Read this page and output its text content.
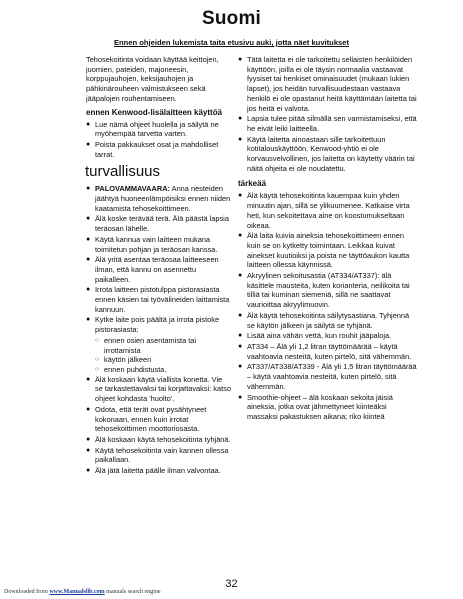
Suomi
Ennen ohjeiden lukemista taita etusivu auki, jotta näet kuvitukset

Tehosekoitinta voidaan käyttää keittojen, juomien, pateiden, majoneesin, korppujauhojen, keksijauhojen ja pähkinärouheen valmistukseen sekä jääpalojen rouhentamiseen.

ennen Kenwood-lisälaitteen käyttöä
● Lue nämä ohjeet huolella ja säilytä ne myöhempää tarvetta varten.
● Poista pakkaukset osat ja mahdolliset tarrat.
turvallisuus
● PALOVAMMAVAARA: Anna nesteiden jäähtyä huoneenlämpöisiksi ennen niiden kaatamista tehosekoittimeen.
● Älä koske terävää terä. Älä päästä lapsia teräosan lähelle.
● Käytä kannua vain laitteen mukana toimitetun pohjan ja teräosan kanssa.
● Älä yritä asentaa teräosaa laitteeseen ilman, että kannu on asennettu paikalleen.
● Irrota laitteen pistotulppa pistorasiasta ennen käsien tai työvälineiden laittamista kannuun.
● Kytke laite pois päältä ja irrota pistoke pistorasiasta:
○ ennen osien asentamista tai irrottamista
○ käytön jälkeen
○ ennen puhdistusta.
● Älä koskaan käytä viallista konetta. Vie se tarkastettavaksi tai korjattavaksi: katso ohjeet kohdasta 'huolto'.
● Odota, että terät ovat pysähtyneet kokonaan, ennen kuin irrotat tehosekoittimen moottoriosasta.
● Älä koskaan käytä tehosekoitinta tyhjänä.
● Käytä tehosekoitinta vain kannen ollessa paikallaan.
● Älä jätä laitetta päälle ilman valvontaa.
● Tätä laitetta ei ole tarkoitettu sellaisten henkilöiden käyttöön, joilla ei ole täysin normaalia vastaavat fyysiset tai henkiset ominaisuudet (mukaan lukien lapset), jos heidän turvallisuudestaan vastaava henkilö ei ole opastanut heitä käyttämään laitetta tai jos heitä ei valvota.
● Lapsia tulee pitää silmällä sen varmistamiseksi, että he eivät leiki laitteella.
● Käytä laitetta ainoastaan sille tarkoitettuun kotitalouskäyttöön. Kenwood-yhtiö ei ole korvausvelvollinen, jos laitetta on käytetty väärin tai näitä ohjeita ei ole noudatettu.
tärkeää
● Älä käytä tehosekoitinta kauempaa kuin yhden minuutin ajan, sillä se ylikuumenee. Katkaise virta heti, kun sekoitettava aine on koostumukseltaan oikeaa.
● Älä laita kuivia aineksia tehosekoittimeen ennen kuin se on kytketty toimintaan. Leikkaa kuivat ainekset kuutioiksi ja poista ne täyttöaukon kautta laitteen ollessa käynnissä.
● Akryylinen sekoitusastia (AT334/AT337): älä käsittele mausteita, kuten korianteria, neilikoita tai tilliä tai kuminan siemeniä, sillä ne saattavat vaurioittaa akryylimuovin.
● Älä käytä tehosekoitinta säilytysastiana. Tyhjennä se käytön jälkeen ja säilytä se tyhjänä.
● Lisää aina vähän vettä, kun rouhit jääpaloja.
● AT334 – Älä yli 1,2 litran täyttömäärää – käytä vaahtoavia nesteitä, kuten pirtelö, sitä vähemmän.
● AT337/AT338/AT339 - Älä yli 1,5 litran täyttömäärää – käytä vaahtoavia nesteitä, kuten pirtelö, sitä vähemmän.
● Smoothie-ohjeet – älä koskaan sekoita jäisiä aineksia, jotka ovat jähmettyneet kiinteäksi massaksi pakastuksen aikana; riko kiinteä
32
Downloaded from www.Manualslib.com manuals search engine
